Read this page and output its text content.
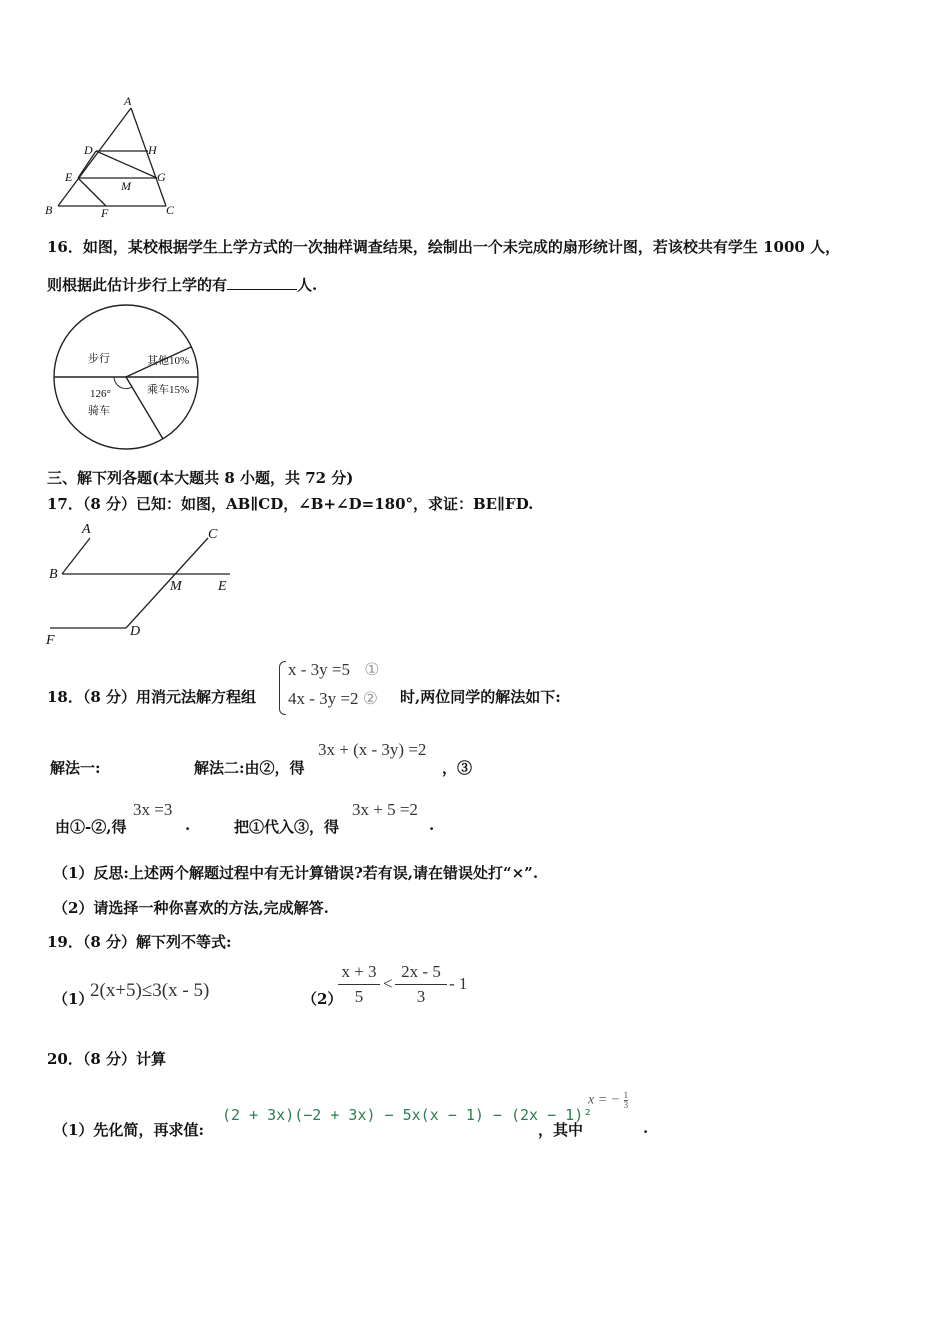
A
D	H
E	G
M
B	F	C
16．如图，某校根据学生上学方式的一次抽样调查结果，绘制出一个未完成的扇形统计图，若该校共有学生 1000 人，
则根据此估计步行上学的有	人.
步行	其他10%
乘车15%
126°
骑车
三、解下列各题(本大题共 8 小题，共 72 分)
17．（8 分）已知：如图，AB∥CD，∠B+∠D=180°，求证：BE∥FD.
A	C
B
M	E
D
F
18．（8 分）用消元法解方程组
x - 3y =5 ①
4x - 3y =2 ② 时,两位同学的解法如下:
解法一:	解法二:由②，得
3x + (x - 3y) =2
，③
由①-②,得
3x =3
.	把①代入③，得
3x + 5 =2
.
（1）反思:上述两个解题过程中有无计算错误?若有误,请在错误处打“×”.
（2）请选择一种你喜欢的方法,完成解答.
19．（8 分）解下列不等式:
（1）
2(x+5)≤3(x - 5)	（2）
$\frac{x + 3}{5} < \frac{2x - 5}{3} - 1$
20．（8 分）计算
（1）先化简，再求值:
(2 + 3x)(−2 + 3x) − 5x(x − 1) − (2x − 1)²
，其中
x = − $\frac{1}{3}$
.
